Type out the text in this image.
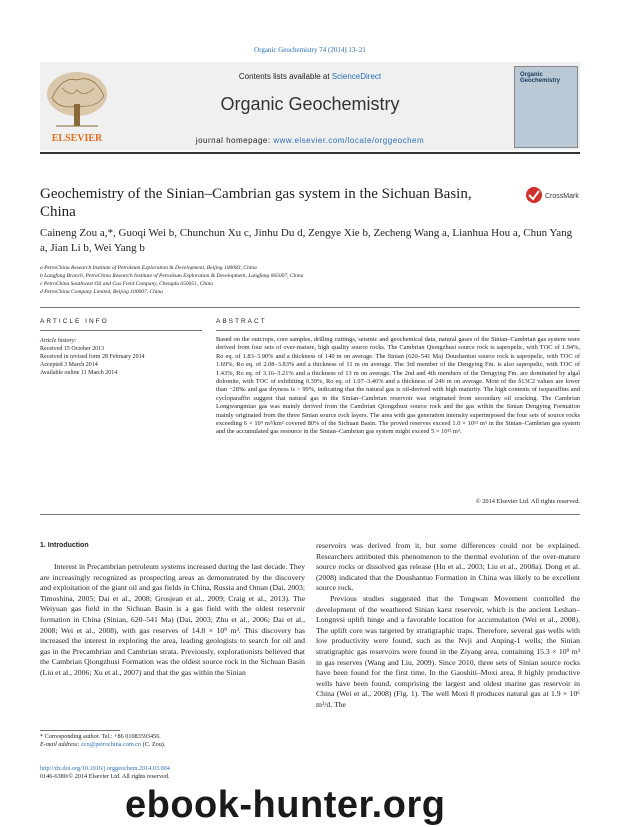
Organic Geochemistry 74 (2014) 13–21
ELSEVIER
Contents lists available at ScienceDirect
Organic Geochemistry
journal homepage: www.elsevier.com/locate/orggeochem
Organic Geochemistry
Geochemistry of the Sinian–Cambrian gas system in the Sichuan Basin, China
CrossMark
Caineng Zou a,*, Guoqi Wei b, Chunchun Xu c, Jinhu Du d, Zengye Xie b, Zecheng Wang a, Lianhua Hou a, Chun Yang a, Jian Li b, Wei Yang b
a PetroChina Research Institute of Petroleum Exploration & Development, Beijing 100083, China
b Langfang Branch, PetroChina Research Institute of Petroleum Exploration & Development, Langfang 065007, China
c PetroChina Southwest Oil and Gas Field Company, Chengdu 650051, China
d PetroChina Company Limited, Beijing 100007, China
ARTICLE INFO	ABSTRACT
Article history:
Received 15 October 2013
Received in revised form 28 February 2014
Accepted 3 March 2014
Available online 11 March 2014
Based on the outcrops, core samples, drilling cuttings, seismic and geochemical data, natural gases of the Sinian–Cambrian gas system were derived from four sets of over-mature, high quality source rocks. The Cambrian Qiongzhusi source rock is sapropelic, with TOC of 1.94%, Ro eq. of 1.83–3.90% and a thickness of 140 m on average. The Sinian (620–541 Ma) Doushantuo source rock is sapropelic, with TOC of 1.69%, Ro eq. of 2.08–3.83% and a thickness of 11 m on average. The 3rd member of the Dengying Fm. is also sapropelic, with TOC of 1.43%, Ro eq. of 3.16–3.21% and a thickness of 13 m on average. The 2nd and 4th members of the Dengying Fm. are dominated by algal dolomite, with TOC of exhibiting 0.39%, Ro eq. of 1.97–3.46% and a thickness of 246 m on average. Most of the δ13C2 values are lower than −28‰ and gas dryness is > 99%, indicating that the natural gas is oil-derived with high maturity. The high contents of isoparaffins and cycloparaffin suggest that natural gas in the Sinian–Cambrian reservoir was originated from secondary oil cracking. The Cambrian Longwangmiao gas was mainly derived from the Cambrian Qiongzhusi source rock and the gas within the Sinian Dengying Formation mainly originated from the three Sinian source rock layers. The area with gas generation intensity superimposed the four sets of source rocks exceeding 6 × 10⁹ m³/km² covered 80% of the Sichuan Basin. The proved reserves exceed 1.0 × 10¹² m³ in the Sinian–Cambrian gas system and the accumulated gas resource in the Sinian–Cambrian gas system might exceed 5 × 10¹² m³.
© 2014 Elsevier Ltd. All rights reserved.
1. Introduction

Interest in Precambrian petroleum systems increased during the last decade. They are increasingly recognized as prospecting areas as demonstrated by the discovery and exploitation of the giant oil and gas fields in China, Russia and Oman (Dai, 2003; Timoshina, 2005; Dai et al., 2008; Grosjean et al., 2009; Craig et al., 2013). The Weiyuan gas field in the Sichuan Basin is a gas field with the oldest reservoir formation in China (Sinian, 620–541 Ma) (Dai, 2003; Zhu et al., 2006; Dai et al., 2008; Wei et al., 2008), with gas reserves of 14.8 × 10⁹ m³. This discovery has increased the interest in exploring the area, leading geologists to search for oil and gas in the Precambrian and Cambrian strata. Previously, explorationists believed that the Cambrian Qiongzhusi Formation was the oldest source rock in the Sichuan Basin (Liu et al., 2006; Xu et al., 2007) and that the gas within the Sinian

reservoirs was derived from it, but some differences could not be explained. Researchers attributed this phenomenon to the thermal evolution of the over-mature source rocks or dissolved gas release (Hu et al., 2003; Liu et al., 2008a). Dong et al. (2008) indicated that the Doushantuo Formation in China was likely to be excellent source rock.

Previous studies suggested that the Tongwan Movement controlled the development of the weathered Sinian karst reservoir, which is the ancient Leshan–Longnvsi uplift hinge and a favorable location for accumulation (Wei et al., 2008). The uplift core was targeted by stratigraphic traps. Therefore, several gas wells with low productivity were found, such as the Nvji and Anping-1 wells; the Sinian stratigraphic gas reservoirs were found in the Ziyang area, containing 15.3 × 10⁹ m³ in gas reserves (Wang and Liu, 2009). Since 2010, three sets of Sinian source rocks have been found for the first time. In the Gaoshiti–Moxi area, 8 highly productive wells have been found, comprising the largest and oldest marine gas reservoir in China (Wei et al., 2008) (Fig. 1). The well Moxi 8 produces natural gas at 1.9 × 10⁶ m³/d. The

* Corresponding author. Tel.: +86 01083593456.
E-mail address: zcn@petrochina.com.cn (C. Zou).
http://dx.doi.org/10.1016/j.orggeochem.2014.03.004
0146-6380/© 2014 Elsevier Ltd. All rights reserved.
ebook-hunter.org
